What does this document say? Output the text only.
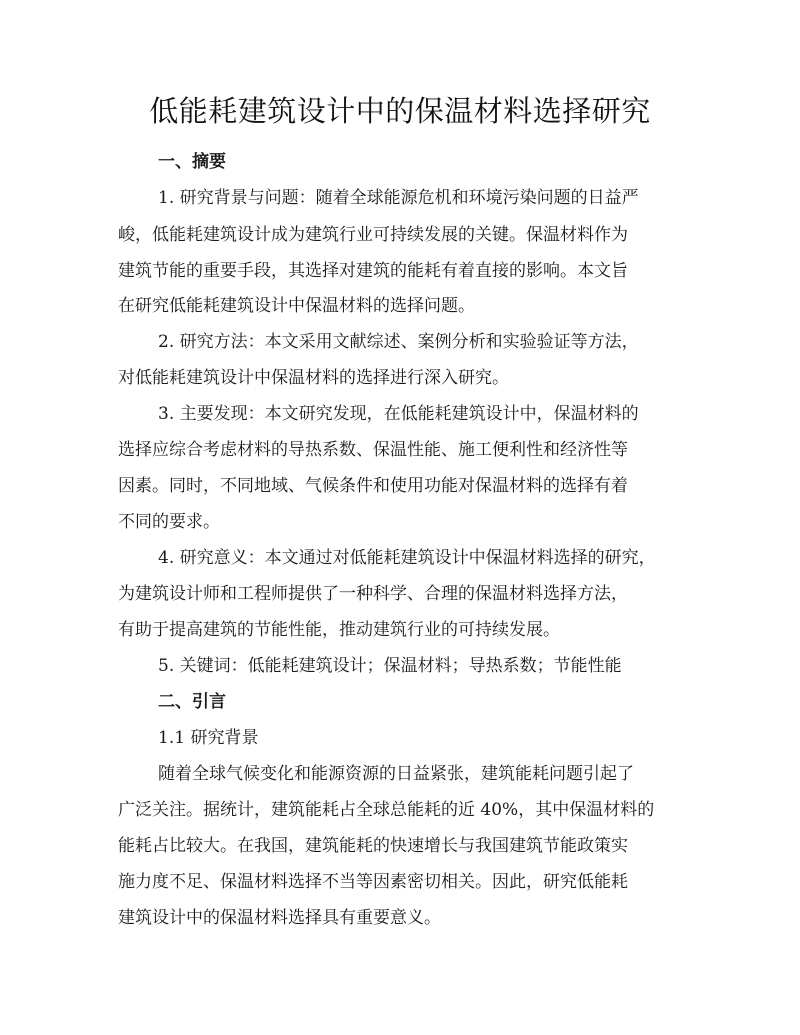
低能耗建筑设计中的保温材料选择研究
一、摘要
1. 研究背景与问题：随着全球能源危机和环境污染问题的日益严
峻，低能耗建筑设计成为建筑行业可持续发展的关键。保温材料作为
建筑节能的重要手段，其选择对建筑的能耗有着直接的影响。本文旨
在研究低能耗建筑设计中保温材料的选择问题。
2. 研究方法：本文采用文献综述、案例分析和实验验证等方法，
对低能耗建筑设计中保温材料的选择进行深入研究。
3. 主要发现：本文研究发现，在低能耗建筑设计中，保温材料的
选择应综合考虑材料的导热系数、保温性能、施工便利性和经济性等
因素。同时，不同地域、气候条件和使用功能对保温材料的选择有着
不同的要求。
4. 研究意义：本文通过对低能耗建筑设计中保温材料选择的研究，
为建筑设计师和工程师提供了一种科学、合理的保温材料选择方法，
有助于提高建筑的节能性能，推动建筑行业的可持续发展。
5. 关键词：低能耗建筑设计；保温材料；导热系数；节能性能
二、引言
1.1 研究背景
随着全球气候变化和能源资源的日益紧张，建筑能耗问题引起了
广泛关注。据统计，建筑能耗占全球总能耗的近 40%，其中保温材料的
能耗占比较大。在我国，建筑能耗的快速增长与我国建筑节能政策实
施力度不足、保温材料选择不当等因素密切相关。因此，研究低能耗
建筑设计中的保温材料选择具有重要意义。
